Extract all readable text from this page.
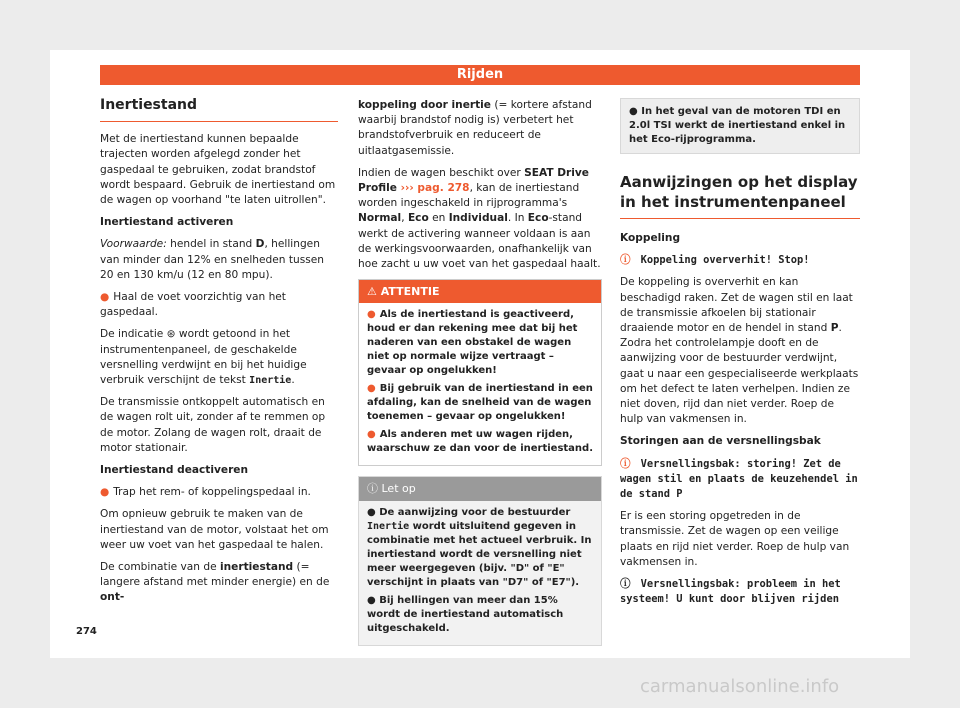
Rijden
Inertiestand

Met de inertiestand kunnen bepaalde trajecten worden afgelegd zonder het gaspedaal te gebruiken, zodat brandstof wordt bespaard. Gebruik de inertiestand om de wagen op voorhand "te laten uitrollen".

Inertiestand activeren

Voorwaarde: hendel in stand D, hellingen van minder dan 12% en snelheden tussen 20 en 130 km/u (12 en 80 mpu).

● Haal de voet voorzichtig van het gaspedaal.

De indicatie ⊛ wordt getoond in het instrumentenpaneel, de geschakelde versnelling verdwijnt en bij het huidige verbruik verschijnt de tekst Inertie.

De transmissie ontkoppelt automatisch en de wagen rolt uit, zonder af te remmen op de motor. Zolang de wagen rolt, draait de motor stationair.

Inertiestand deactiveren

● Trap het rem- of koppelingspedaal in.

Om opnieuw gebruik te maken van de inertiestand van de motor, volstaat het om weer uw voet van het gaspedaal te halen.

De combinatie van de inertiestand (= langere afstand met minder energie) en de ont-

koppeling door inertie (= kortere afstand waarbij brandstof nodig is) verbetert het brandstofverbruik en reduceert de uitlaatgasemissie.

Indien de wagen beschikt over SEAT Drive Profile ››› pag. 278, kan de inertiestand worden ingeschakeld in rijprogramma's Normal, Eco en Individual. In Eco-stand werkt de activering wanneer voldaan is aan de werkingsvoorwaarden, onafhankelijk van hoe zacht u uw voet van het gaspedaal haalt.

⚠ ATTENTIE

● Als de inertiestand is geactiveerd, houd er dan rekening mee dat bij het naderen van een obstakel de wagen niet op normale wijze vertraagt – gevaar op ongelukken!

● Bij gebruik van de inertiestand in een afdaling, kan de snelheid van de wagen toenemen – gevaar op ongelukken!

● Als anderen met uw wagen rijden, waarschuw ze dan voor de inertiestand.

ⓘ Let op

● De aanwijzing voor de bestuurder Inertie wordt uitsluitend gegeven in combinatie met het actueel verbruik. In inertiestand wordt de versnelling niet meer weergegeven (bijv. "D" of "E" verschijnt in plaats van "D7" of "E7").

● Bij hellingen van meer dan 15% wordt de inertiestand automatisch uitgeschakeld.

● In het geval van de motoren TDI en 2.0l TSI werkt de inertiestand enkel in het Eco-rijprogramma.
Aanwijzingen op het display in het instrumentenpaneel

Koppeling

ⓘ Koppeling oververhit! Stop!

De koppeling is oververhit en kan beschadigd raken. Zet de wagen stil en laat de transmissie afkoelen bij stationair draaiende motor en de hendel in stand P. Zodra het controlelampje dooft en de aanwijzing voor de bestuurder verdwijnt, gaat u naar een gespecialiseerde werkplaats om het defect te laten verhelpen. Indien ze niet doven, rijd dan niet verder. Roep de hulp van vakmensen in.

Storingen aan de versnellingsbak

ⓘ Versnellingsbak: storing! Zet de wagen stil en plaats de keuzehendel in de stand P

Er is een storing opgetreden in de transmissie. Zet de wagen op een veilige plaats en rijd niet verder. Roep de hulp van vakmensen in.

ⓘ Versnellingsbak: probleem in het systeem! U kunt door blijven rijden

274
carmanualsonline.info
